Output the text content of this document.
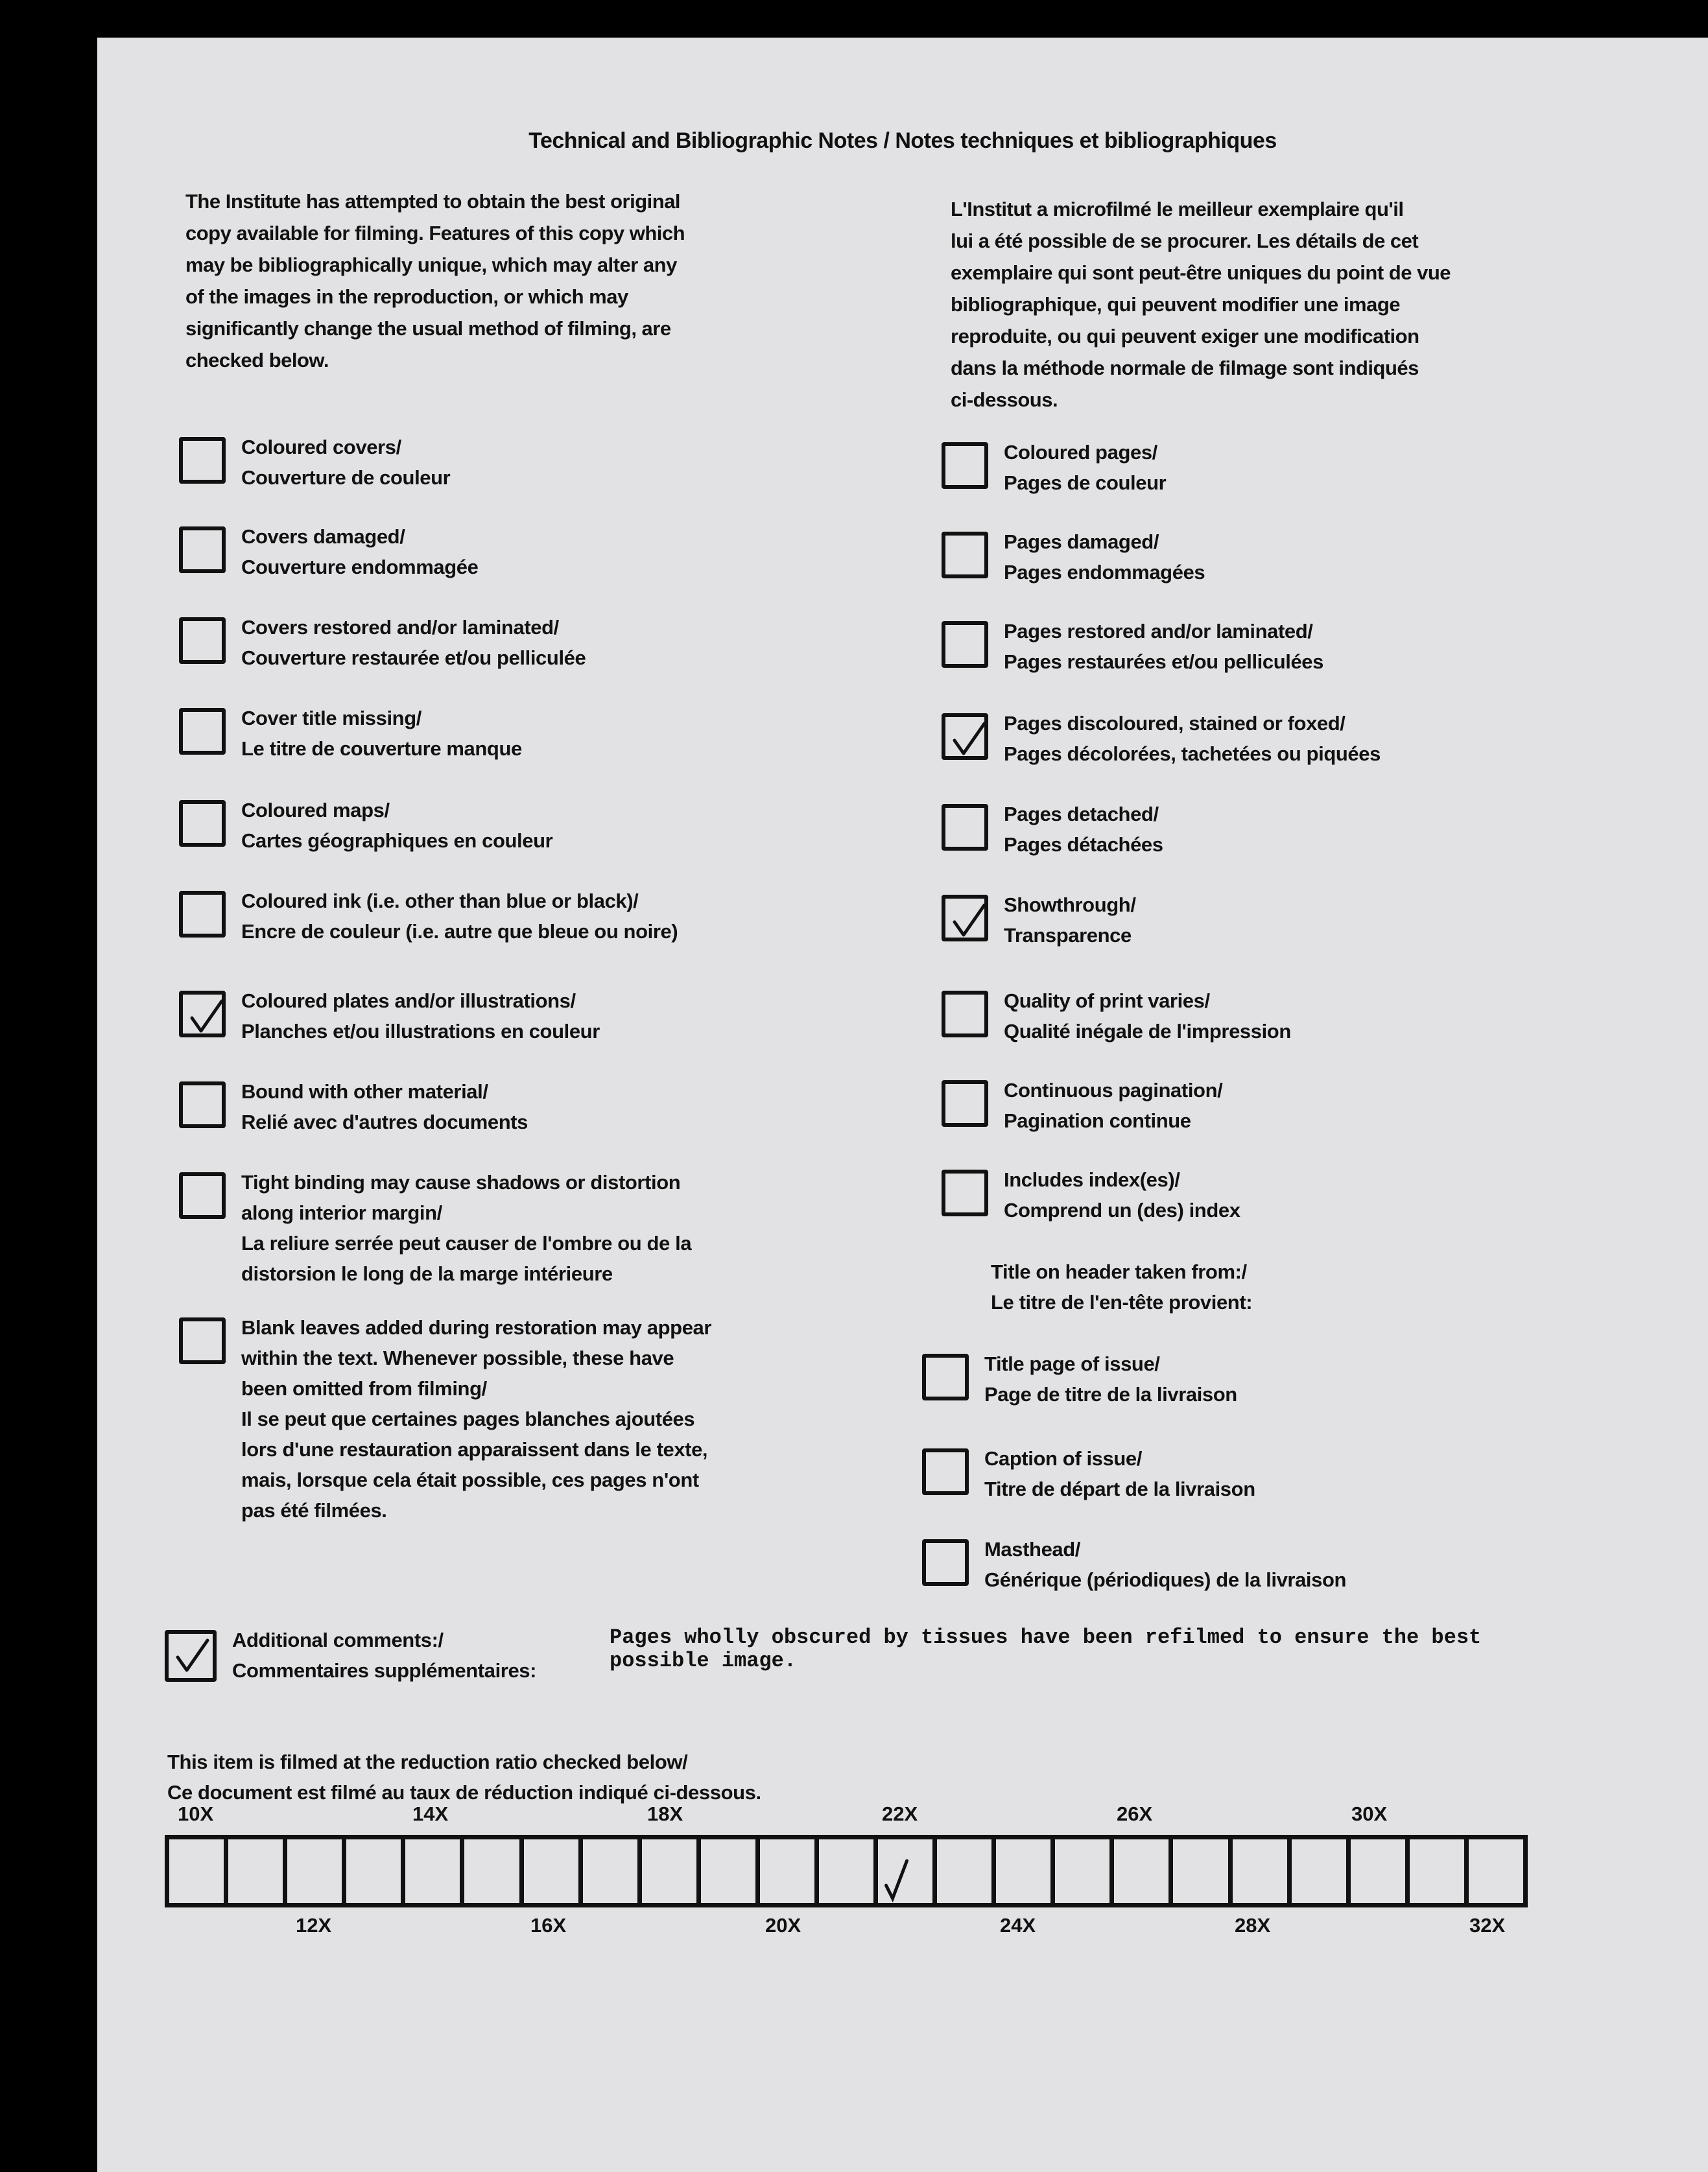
Technical and Bibliographic Notes / Notes techniques et bibliographiques
The Institute has attempted to obtain the best original
copy available for filming. Features of this copy which
may be bibliographically unique, which may alter any
of the images in the reproduction, or which may
significantly change the usual method of filming, are
checked below.
L'Institut a microfilmé le meilleur exemplaire qu'il
lui a été possible de se procurer. Les détails de cet
exemplaire qui sont peut-être uniques du point de vue
bibliographique, qui peuvent modifier une image
reproduite, ou qui peuvent exiger une modification
dans la méthode normale de filmage sont indiqués
ci-dessous.
Coloured covers/
Couverture de couleur
Covers damaged/
Couverture endommagée
Covers restored and/or laminated/
Couverture restaurée et/ou pelliculée
Cover title missing/
Le titre de couverture manque
Coloured maps/
Cartes géographiques en couleur
Coloured ink (i.e. other than blue or black)/
Encre de couleur (i.e. autre que bleue ou noire)
Coloured plates and/or illustrations/
Planches et/ou illustrations en couleur
Bound with other material/
Relié avec d'autres documents
Tight binding may cause shadows or distortion
along interior margin/
La reliure serrée peut causer de l'ombre ou de la
distorsion le long de la marge intérieure
Blank leaves added during restoration may appear
within the text. Whenever possible, these have
been omitted from filming/
Il se peut que certaines pages blanches ajoutées
lors d'une restauration apparaissent dans le texte,
mais, lorsque cela était possible, ces pages n'ont
pas été filmées.
Coloured pages/
Pages de couleur
Pages damaged/
Pages endommagées
Pages restored and/or laminated/
Pages restaurées et/ou pelliculées
Pages discoloured, stained or foxed/
Pages décolorées, tachetées ou piquées
Pages detached/
Pages détachées
Showthrough/
Transparence
Quality of print varies/
Qualité inégale de l'impression
Continuous pagination/
Pagination continue
Includes index(es)/
Comprend un (des) index
Title on header taken from:/
Le titre de l'en-tête provient:
Title page of issue/
Page de titre de la livraison
Caption of issue/
Titre de départ de la livraison
Masthead/
Générique (périodiques) de la livraison
Additional comments:/
Commentaires supplémentaires:
Pages wholly obscured by tissues have been refilmed to ensure the best
possible image.
This item is filmed at the reduction ratio checked below/
Ce document est filmé au taux de réduction indiqué ci-dessous.
10X	14X	18X	22X	26X	30X
12X	16X	20X	24X	28X	32X
